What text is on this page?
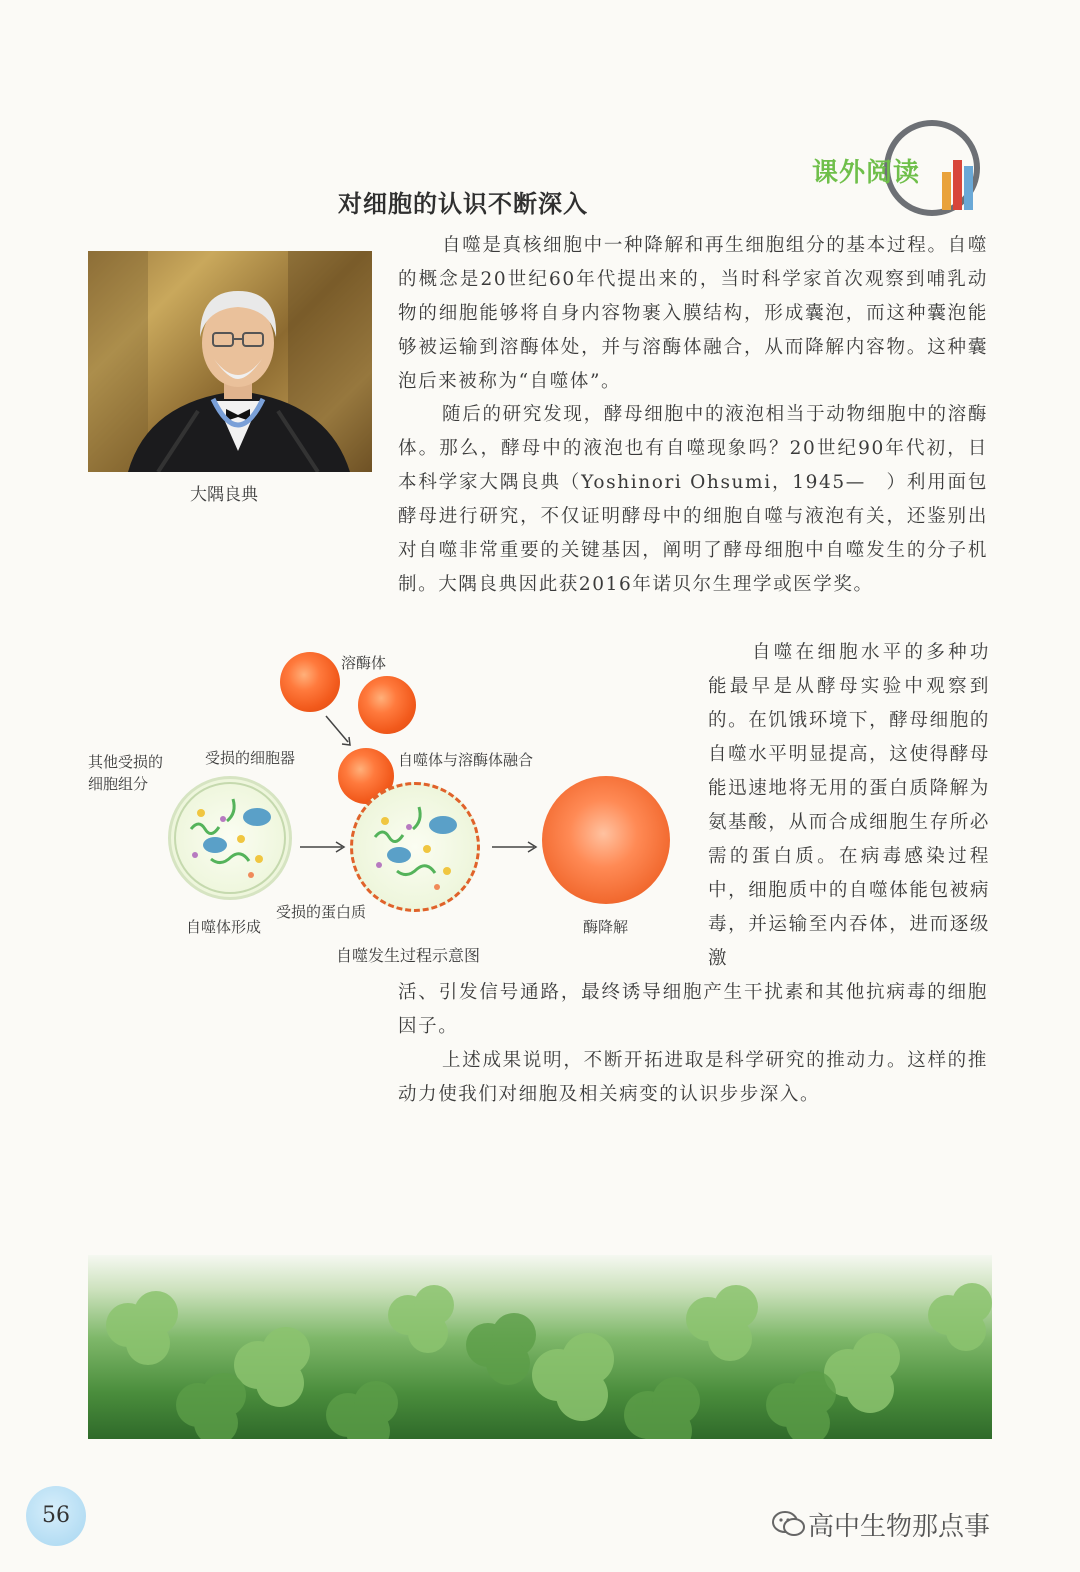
课外阅读
对细胞的认识不断深入
大隅良典

自噬是真核细胞中一种降解和再生细胞组分的基本过程。自噬的概念是20世纪60年代提出来的，当时科学家首次观察到哺乳动物的细胞能够将自身内容物裹入膜结构，形成囊泡，而这种囊泡能够被运输到溶酶体处，并与溶酶体融合，从而降解内容物。这种囊泡后来被称为“自噬体”。

随后的研究发现，酵母细胞中的液泡相当于动物细胞中的溶酶体。那么，酵母中的液泡也有自噬现象吗？20世纪90年代初，日本科学家大隅良典（Yoshinori Ohsumi，1945—　）利用面包酵母进行研究，不仅证明酵母中的细胞自噬与液泡有关，还鉴别出对自噬非常重要的关键基因，阐明了酵母细胞中自噬发生的分子机制。大隅良典因此获2016年诺贝尔生理学或医学奖。

自噬在细胞水平的多种功能最早是从酵母实验中观察到的。在饥饿环境下，酵母细胞的自噬水平明显提高，这使得酵母能迅速地将无用的蛋白质降解为氨基酸，从而合成细胞生存所必需的蛋白质。在病毒感染过程中，细胞质中的自噬体能包被病毒，并运输至内吞体，进而逐级激

活、引发信号通路，最终诱导细胞产生干扰素和其他抗病毒的细胞因子。

上述成果说明，不断开拓进取是科学研究的推动力。这样的推动力使我们对细胞及相关病变的认识步步深入。

溶酶体
其他受损的
细胞组分
受损的细胞器
受损的蛋白质
自噬体形成
自噬体与溶酶体融合
酶降解
自噬发生过程示意图
56	高中生物那点事
